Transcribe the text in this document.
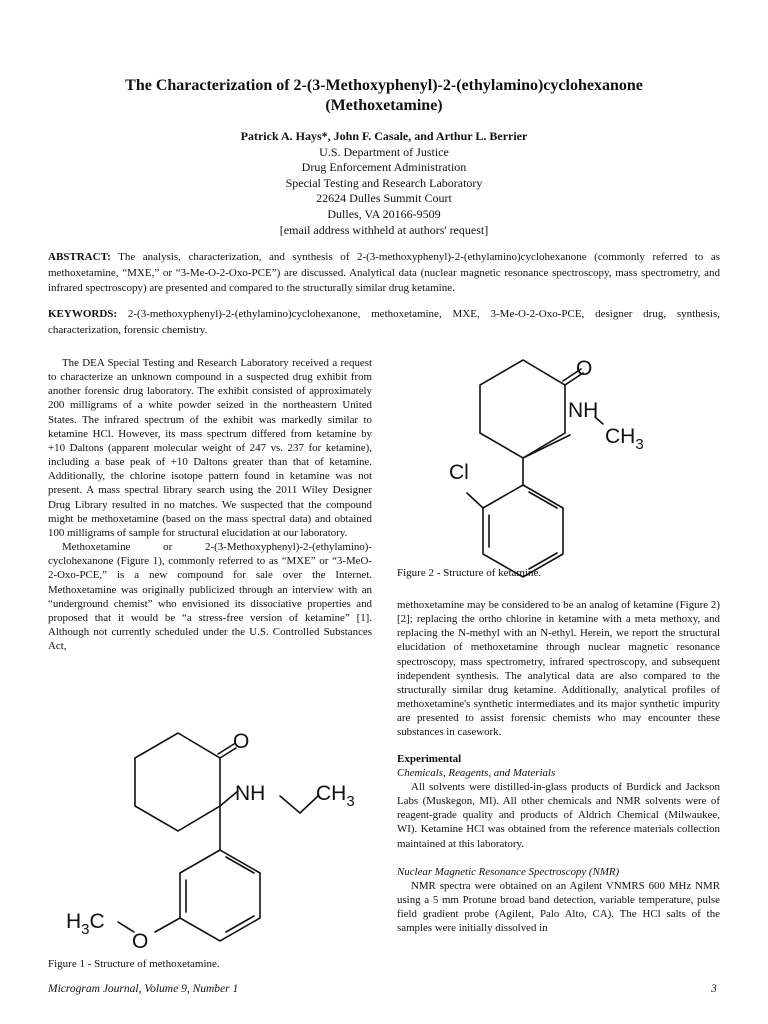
The Characterization of 2-(3-Methoxyphenyl)-2-(ethylamino)cyclohexanone
(Methoxetamine)
Patrick A. Hays*, John F. Casale, and Arthur L. Berrier
U.S. Department of Justice
Drug Enforcement Administration
Special Testing and Research Laboratory
22624 Dulles Summit Court
Dulles, VA 20166-9509
[email address withheld at authors' request]
ABSTRACT: The analysis, characterization, and synthesis of 2-(3-methoxyphenyl)-2-(ethylamino)cyclohexanone (commonly referred to as methoxetamine, “MXE,” or “3-Me-O-2-Oxo-PCE”) are discussed. Analytical data (nuclear magnetic resonance spectroscopy, mass spectrometry, and infrared spectroscopy) are presented and compared to the structurally similar drug ketamine.
KEYWORDS: 2-(3-methoxyphenyl)-2-(ethylamino)cyclohexanone, methoxetamine, MXE, 3-Me-O-2-Oxo-PCE, designer drug, synthesis, characterization, forensic chemistry.

The DEA Special Testing and Research Laboratory received a request to characterize an unknown compound in a suspected drug exhibit from another forensic drug laboratory. The exhibit consisted of approximately 200 milligrams of a white powder seized in the northeastern United States. The infrared spectrum of the exhibit was markedly similar to ketamine HCl. However, its mass spectrum differed from ketamine by +10 Daltons (apparent molecular weight of 247 vs. 237 for ketamine), including a base peak of +10 Daltons greater than that of ketamine. Additionally, the chlorine isotope pattern found in ketamine was not present. A mass spectral library search using the 2011 Wiley Designer Drug Library resulted in no matches. We suspected that the compound might be methoxetamine (based on the mass spectral data) and obtained 100 milligrams of sample for structural elucidation at our laboratory.

Methoxetamine or 2-(3-Methoxyphenyl)-2-(ethylamino)-cyclohexanone (Figure 1), commonly referred to as “MXE” or “3-MeO-2-Oxo-PCE,” is a new compound for sale over the Internet. Methoxetamine was originally publicized through an interview with an “underground chemist” who envisioned its dissociative properties and proposed that it would be “a stress-free version of ketamine” [1]. Although not currently scheduled under the U.S. Controlled Substances Act,

O
NH
$CH_3$
Cl
Figure 2 - Structure of ketamine.

methoxetamine may be considered to be an analog of ketamine (Figure 2) [2]; replacing the ortho chlorine in ketamine with a meta methoxy, and replacing the N-methyl with an N-ethyl. Herein, we report the structural elucidation of methoxetamine through nuclear magnetic resonance spectroscopy, mass spectrometry, infrared spectroscopy, and subsequent independent synthesis. The analytical data are also compared to the structurally similar drug ketamine. Additionally, analytical profiles of methoxetamine's synthetic intermediates and its major synthetic impurity are presented to assist forensic chemists who may encounter these substances in casework.

Experimental

Chemicals, Reagents, and Materials

All solvents were distilled-in-glass products of Burdick and Jackson Labs (Muskegon, MI). All other chemicals and NMR solvents were of reagent-grade quality and products of Aldrich Chemical (Milwaukee, WI). Ketamine HCl was obtained from the reference materials collection maintained at this laboratory.

Nuclear Magnetic Resonance Spectroscopy (NMR)

NMR spectra were obtained on an Agilent VNMRS 600 MHz NMR using a 5 mm Protune broad band detection, variable temperature, pulse field gradient probe (Agilent, Palo Alto, CA). The HCl salts of the samples were initially dissolved in

O
NH $CH_3$
$H_3C$
O
Figure 1 - Structure of methoxetamine.
Microgram Journal, Volume 9, Number 1	3
